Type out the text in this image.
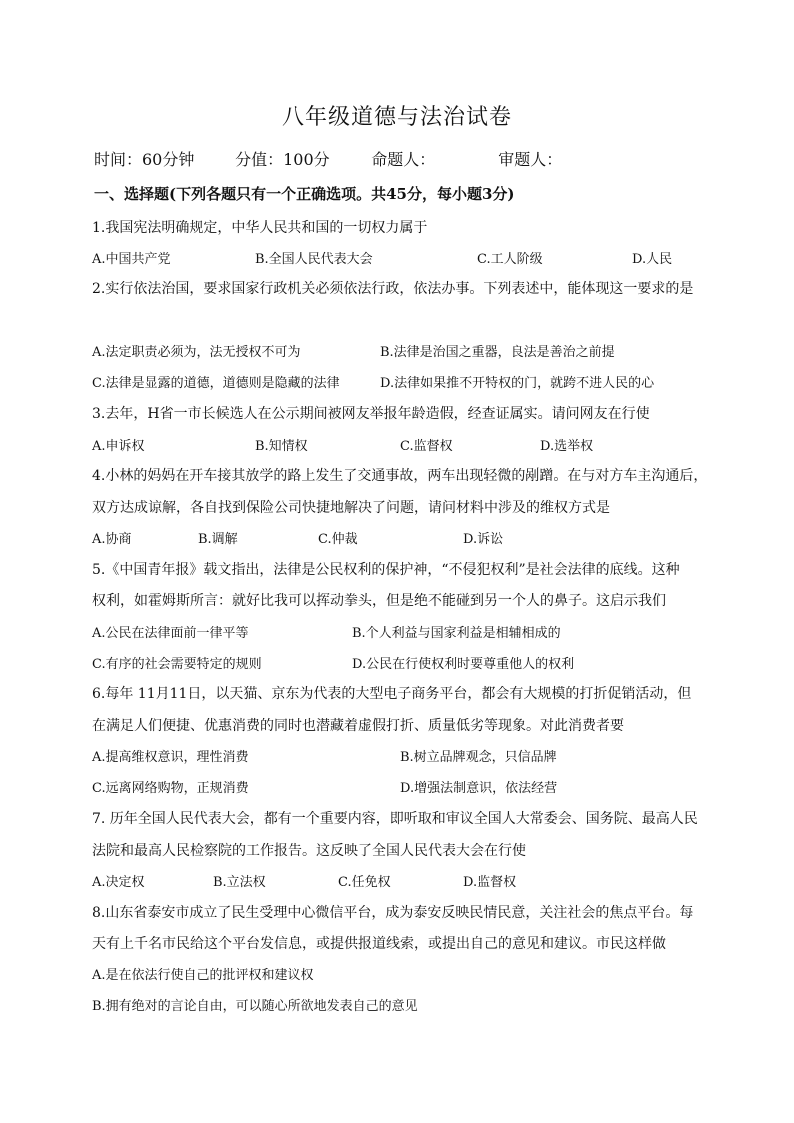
八年级道德与法治试卷
时间：60分钟	分值：100分	命题人：	审题人：
一、选择题(下列各题只有一个正确选项。共45分，每小题3分)
1.我国宪法明确规定，中华人民共和国的一切权力属于
A.中国共产党	B.全国人民代表大会	C.工人阶级	D.人民
2.实行依法治国，要求国家行政机关必须依法行政，依法办事。下列表述中，能体现这一要求的是
A.法定职责必须为，法无授权不可为	B.法律是治国之重器，良法是善治之前提
C.法律是显露的道德，道德则是隐藏的法律	D.法律如果推不开特权的门，就跨不进人民的心
3.去年，H省一市长候选人在公示期间被网友举报年龄造假，经查证属实。请问网友在行使
A.申诉权	B.知情权	C.监督权	D.选举权
4.小林的妈妈在开车接其放学的路上发生了交通事故，两车出现轻微的剐蹭。在与对方车主沟通后，
双方达成谅解，各自找到保险公司快捷地解决了问题，请问材料中涉及的维权方式是
A.协商	B.调解	C.仲裁	D.诉讼
5.《中国青年报》载文指出，法律是公民权利的保护神，“不侵犯权利”是社会法律的底线。这种
权利，如霍姆斯所言：就好比我可以挥动拳头，但是绝不能碰到另一个人的鼻子。这启示我们
A.公民在法律面前一律平等	B.个人利益与国家利益是相辅相成的
C.有序的社会需要特定的规则	D.公民在行使权利时要尊重他人的权利
6.每年 11月11日，以天猫、京东为代表的大型电子商务平台，都会有大规模的打折促销活动，但
在满足人们便捷、优惠消费的同时也潜藏着虚假打折、质量低劣等现象。对此消费者要
A.提高维权意识，理性消费	B.树立品牌观念，只信品牌
C.远离网络购物，正规消费	D.增强法制意识，依法经营
7. 历年全国人民代表大会，都有一个重要内容，即听取和审议全国人大常委会、国务院、最高人民
法院和最高人民检察院的工作报告。这反映了全国人民代表大会在行使
A.决定权	B.立法权	C.任免权	D.监督权
8.山东省泰安市成立了民生受理中心微信平台，成为泰安反映民情民意，关注社会的焦点平台。每
天有上千名市民给这个平台发信息，或提供报道线索，或提出自己的意见和建议。市民这样做
A.是在依法行使自己的批评权和建议权
B.拥有绝对的言论自由，可以随心所欲地发表自己的意见
